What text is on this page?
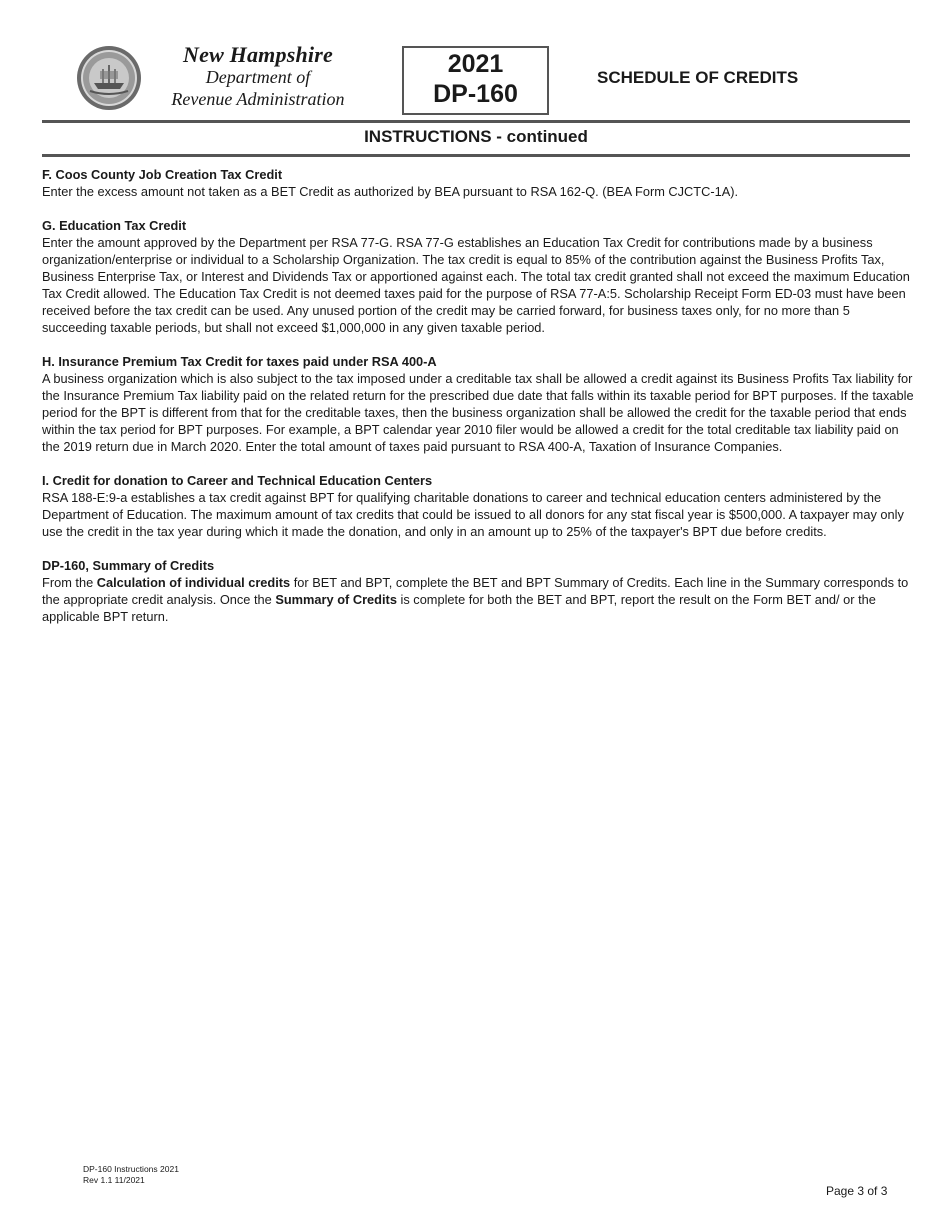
New Hampshire
Department of
Revenue Administration
2021
DP-160
SCHEDULE OF CREDITS
INSTRUCTIONS - continued
F. Coos County Job Creation Tax Credit

Enter the excess amount not taken as a BET Credit as authorized by BEA pursuant to RSA 162-Q. (BEA Form CJCTC-1A).

G. Education Tax Credit

Enter the amount approved by the Department per RSA 77-G. RSA 77-G establishes an Education Tax Credit for contributions made by a business organization/enterprise or individual to a Scholarship Organization. The tax credit is equal to 85% of the contribution against the Business Profits Tax, Business Enterprise Tax, or Interest and Dividends Tax or apportioned against each. The total tax credit granted shall not exceed the maximum Education Tax Credit allowed. The Education Tax Credit is not deemed taxes paid for the purpose of RSA 77-A:5. Scholarship Receipt Form ED-03 must have been received before the tax credit can be used. Any unused portion of the credit may be carried forward, for business taxes only, for no more than 5 succeeding taxable periods, but shall not exceed $1,000,000 in any given taxable period.

H. Insurance Premium Tax Credit for taxes paid under RSA 400-A

A business organization which is also subject to the tax imposed under a creditable tax shall be allowed a credit against its Business Profits Tax liability for the Insurance Premium Tax liability paid on the related return for the prescribed due date that falls within its taxable period for BPT purposes. If the taxable period for the BPT is different from that for the creditable taxes, then the business organization shall be allowed the credit for the taxable period that ends within the tax period for BPT purposes. For example, a BPT calendar year 2010 filer would be allowed a credit for the total creditable tax liability paid on the 2019 return due in March 2020. Enter the total amount of taxes paid pursuant to RSA 400-A, Taxation of Insurance Companies.

I. Credit for donation to Career and Technical Education Centers

RSA 188-E:9-a establishes a tax credit against BPT for qualifying charitable donations to career and technical education centers administered by the Department of Education. The maximum amount of tax credits that could be issued to all donors for any stat fiscal year is $500,000. A taxpayer may only use the credit in the tax year during which it made the donation, and only in an amount up to 25% of the taxpayer's BPT due before credits.

DP-160, Summary of Credits

From the Calculation of individual credits for BET and BPT, complete the BET and BPT Summary of Credits. Each line in the Summary corresponds to the appropriate credit analysis. Once the Summary of Credits is complete for both the BET and BPT, report the result on the Form BET and/ or the applicable BPT return.

DP-160 Instructions 2021
Rev 1.1 11/2021
Page 3 of 3
